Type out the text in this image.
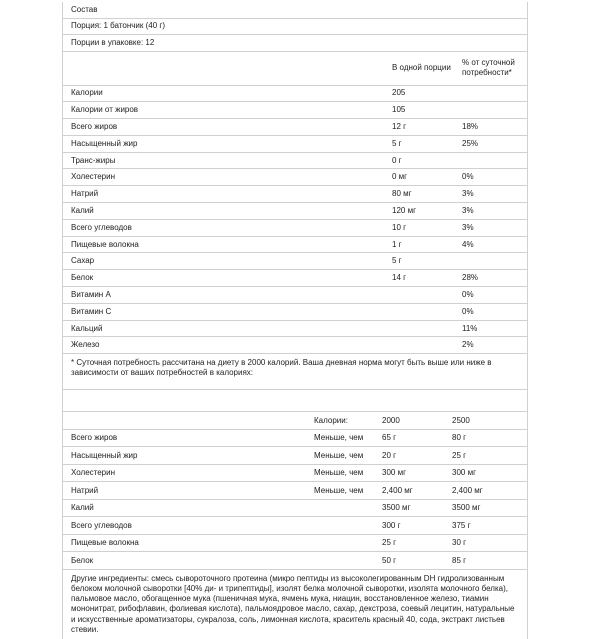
Состав
Порция: 1 батончик (40 г)
Порции в упаковке: 12
	В одной порции	% от суточной потребности*
Калории	205	
Калории от жиров	105	
Всего жиров	12 г	18%
Насыщенный жир	5 г	25%
Транс-жиры	0 г	
Холестерин	0 мг	0%
Натрий	80 мг	3%
Калий	120 мг	3%
Всего углеводов	10 г	3%
Пищевые волокна	1 г	4%
Сахар	5 г	
Белок	14 г	28%
Витамин A		0%
Витамин C		0%
Кальций		11%
Железо		2%
* Суточная потребность рассчитана на диету в 2000 калорий. Ваша дневная норма могут быть выше или ниже в зависимости от ваших потребностей в калориях:
	Калории:	2000	2500
Всего жиров	Меньше, чем	65 г	80 г
Насыщенный жир	Меньше, чем	20 г	25 г
Холестерин	Меньше, чем	300 мг	300 мг
Натрий	Меньше, чем	2,400 мг	2,400 мг
Калий		3500 мг	3500 мг
Всего углеводов		300 г	375 г
Пищевые волокна		25 г	30 г
Белок		50 г	85 г
Другие ингредиенты: смесь сывороточного протеина (микро пептиды из высоколегированным DH гидролизованным белоком молочной сыворотки [40% ди- и трипептиды], изолят белка молочной сыворотки, изолята молочного белка), пальмовое масло, обогащенное мука (пшеничная мука, ячмень мука, ниацин, восстановленное железо, тиамин мононитрат, рибофлавин, фолиевая кислота), пальмоядровое масло, сахар, декстроза, соевый лецитин, натуральные и искусственные ароматизаторы, сукралоза, соль, лимонная кислота, краситель красный 40, сода, экстракт листьев стевии.
